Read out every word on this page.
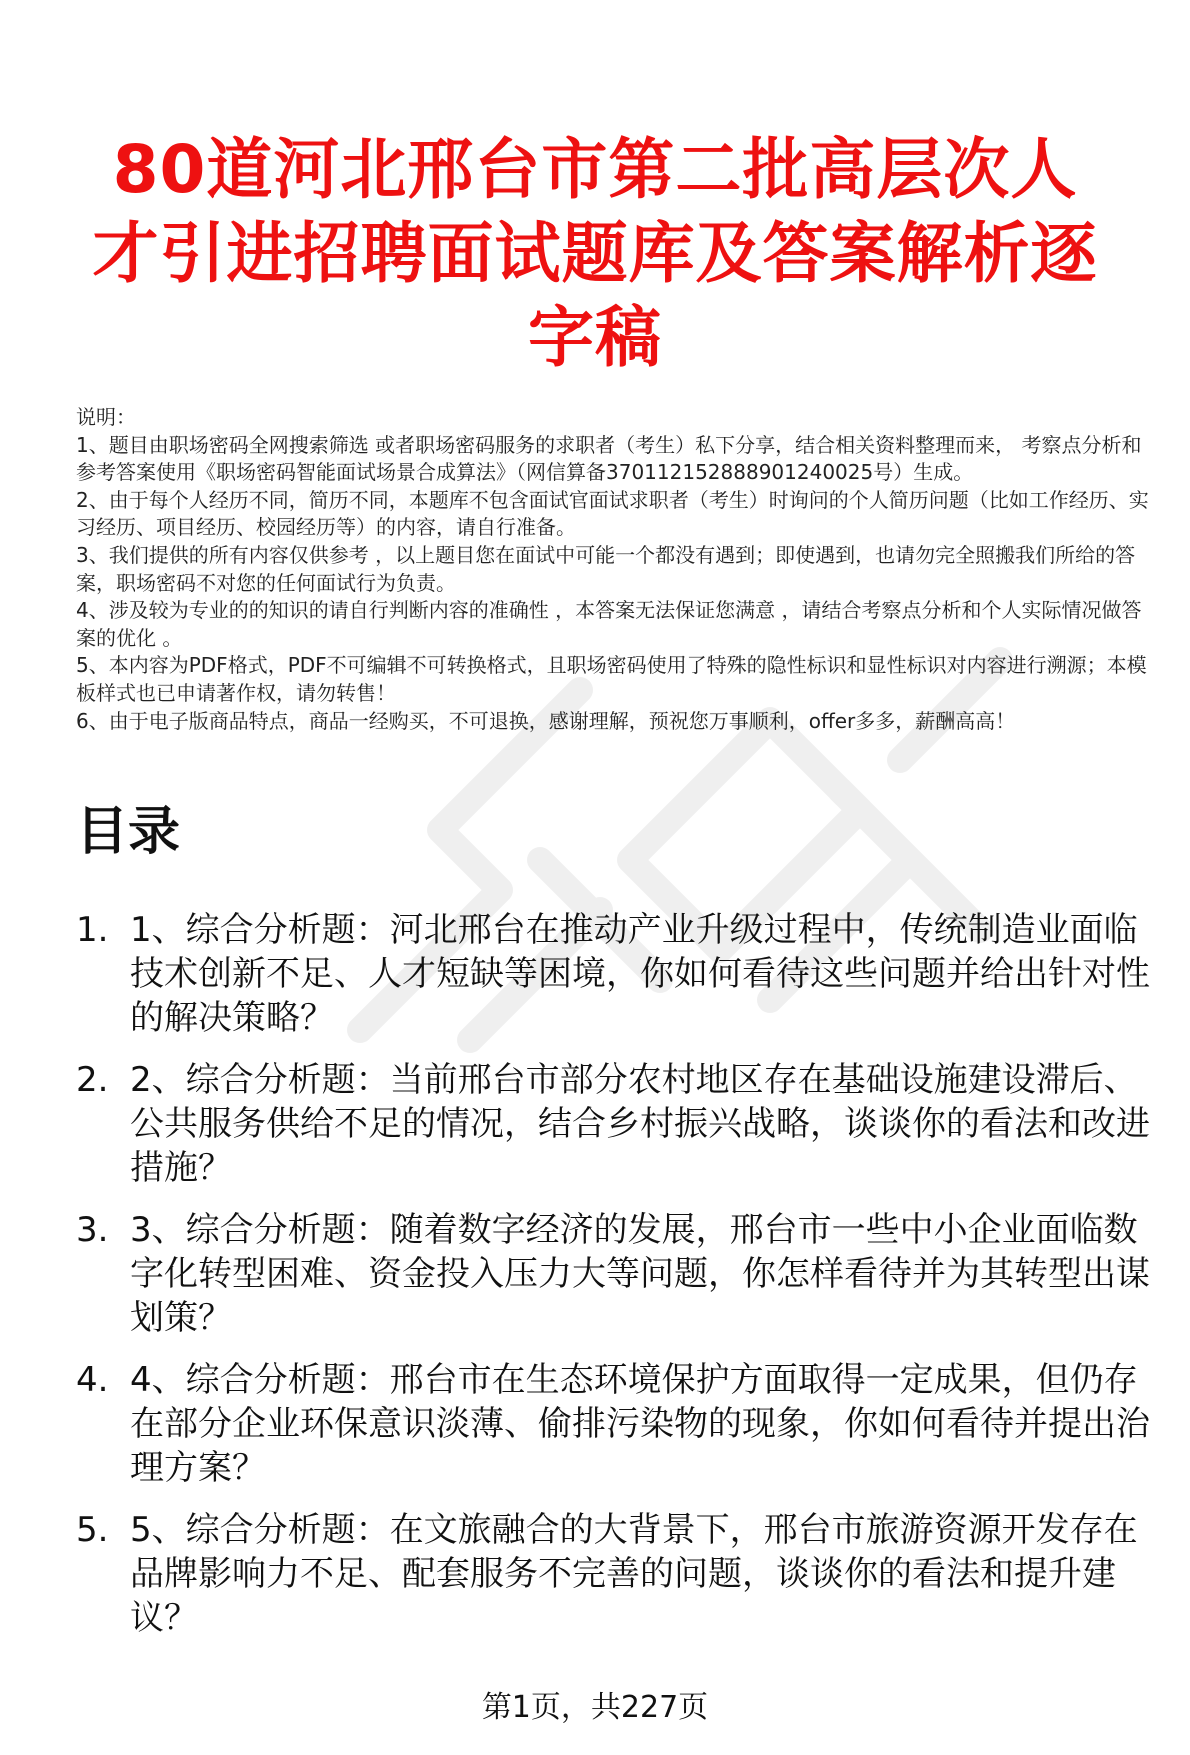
80道河北邢台市第二批高层次人才引进招聘面试题库及答案解析逐字稿

说明：

1、题目由职场密码全网搜索筛选 或者职场密码服务的求职者（考生）私下分享，结合相关资料整理而来， 考察点分析和参考答案使用《职场密码智能面试场景合成算法》（网信算备370112152888901240025号）生成。

2、由于每个人经历不同，简历不同，本题库不包含面试官面试求职者（考生）时询问的个人简历问题（比如工作经历、实习经历、项目经历、校园经历等）的内容，请自行准备。

3、我们提供的所有内容仅供参考 ，以上题目您在面试中可能一个都没有遇到；即使遇到，也请勿完全照搬我们所给的答案，职场密码不对您的任何面试行为负责。

4、涉及较为专业的的知识的请自行判断内容的准确性 ，本答案无法保证您满意 ，请结合考察点分析和个人实际情况做答案的优化 。

5、本内容为PDF格式，PDF不可编辑不可转换格式，且职场密码使用了特殊的隐性标识和显性标识对内容进行溯源；本模板样式也已申请著作权，请勿转售！

6、由于电子版商品特点，商品一经购买，不可退换，感谢理解，预祝您万事顺利，offer多多，薪酬高高！

目录
1. 1、综合分析题：河北邢台在推动产业升级过程中，传统制造业面临技术创新不足、人才短缺等困境，你如何看待这些问题并给出针对性的解决策略？
2. 2、综合分析题：当前邢台市部分农村地区存在基础设施建设滞后、公共服务供给不足的情况，结合乡村振兴战略，谈谈你的看法和改进措施？
3. 3、综合分析题：随着数字经济的发展，邢台市一些中小企业面临数字化转型困难、资金投入压力大等问题，你怎样看待并为其转型出谋划策？
4. 4、综合分析题：邢台市在生态环境保护方面取得一定成果，但仍存在部分企业环保意识淡薄、偷排污染物的现象，你如何看待并提出治理方案？
5. 5、综合分析题：在文旅融合的大背景下，邢台市旅游资源开发存在品牌影响力不足、配套服务不完善的问题，谈谈你的看法和提升建议？
第1页，共227页
